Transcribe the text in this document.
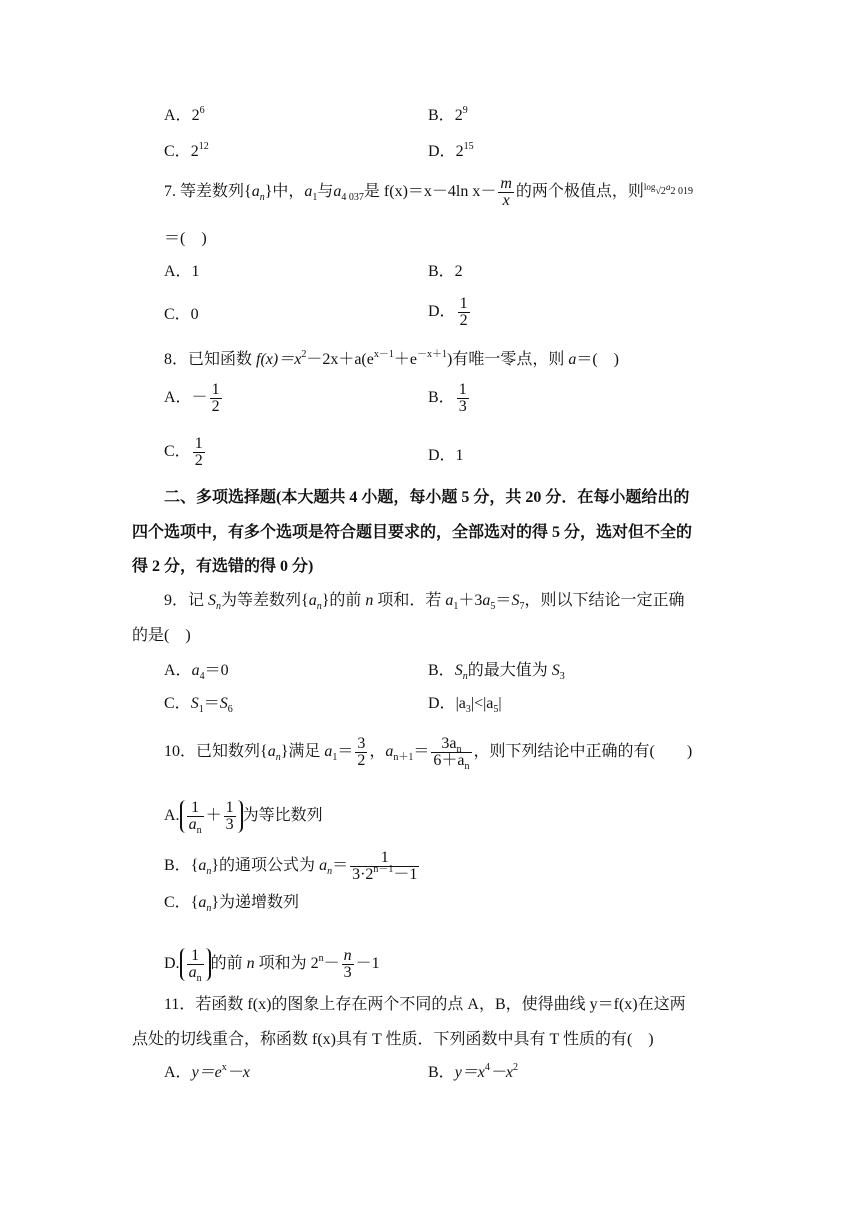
A．$2^6$	B．$2^9$
C．$2^{12}$	D．$2^{15}$
7. 等差数列$\{a_n\}$中，$a_1$与$a_{4 037}$是 f(x)＝x－4ln $x- \frac{m}{x}$ 的两个极值点，则$^{log_{√2}a_{2 019}}$
＝(　)
A．1	B．2
C．0	D． $\frac{1}{2}$
8．已知函数 $f(x)=x^2-2x+a(e^{x-1}+e^{-x+1})$有唯一零点，则 a＝(　)
A．－ $\frac{1}{2}$	B． $\frac{1}{3}$
C． $\frac{1}{2}$	D．1
二、多项选择题(本大题共 4 小题，每小题 5 分，共 20 分．在每小题给出的
四个选项中，有多个选项是符合题目要求的，全部选对的得 5 分，选对但不全的
得 2 分，有选错的得 0 分)
9．记 $S_n$为等差数列$\{a_n\}$的前 n 项和．若 $a_1+3a_5=S_7$，则以下结论一定正确
的是(　)
A．$a_4=0$	B．$S_n$的最大值为 $S_3$
C．$S_1=S_6$	D．$|a_3|<|a_5|$
10．已知数列$\{a_n\}$满足 $a_1= \frac{3}{2}$ ，$a_{n+1}= \frac{3a_n}{6+a_n}$ ，则下列结论中正确的有(　　)
A. $\frac{1}{a_n} + \frac{1}{3}$ 为等比数列
B．$\{a_n\}$的通项公式为 $a_n= \frac{1}{3\cdot 2^{n-1}-1}$
C．$\{a_n\}$为递增数列
D. $\frac{1}{a_n}$ 的前 n 项和为 $2^n- \frac{n}{3} -1$
11．若函数 f(x)的图象上存在两个不同的点 A，B，使得曲线 y＝f(x)在这两
点处的切线重合，称函数 f(x)具有 T 性质．下列函数中具有 T 性质的有(　)
A．$y=e^x-x$	B．$y=x^4-x^2$
